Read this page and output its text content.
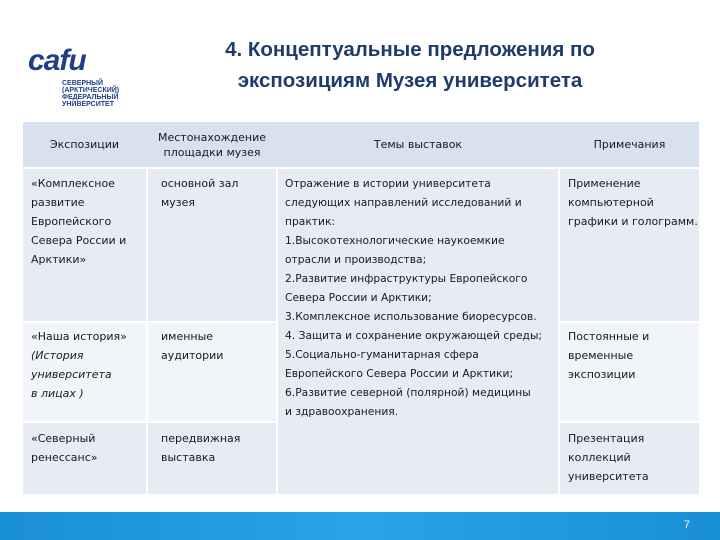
cafu
СЕВЕРНЫЙ
(АРКТИЧЕСКИЙ)
ФЕДЕРАЛЬНЫЙ
УНИВЕРСИТЕТ
4. Концептуальные предложения по
экспозициям Музея университета
Экспозиции
Местонахождение
площадки музея
Темы выставок	Примечания
«Комплексное
развитие
Европейского
Севера России и
Арктики»
основной зал
музея
Применение
компьютерной
графики и голограмм.
Отражение в истории университета
следующих направлений исследований и
практик:
1.Высокотехнологические наукоемкие
отрасли и производства;
2.Развитие инфраструктуры Европейского
Севера России и Арктики;
3.Комплексное использование биоресурсов.
4. Защита и сохранение окружающей среды;
5.Социально-гуманитарная сфера
Европейского Севера России и Арктики;
6.Развитие северной (полярной) медицины
и здравоохранения.
«Наша история»
(История
университета
в лицах )
именные
аудитории
Постоянные и
временные
экспозиции
«Северный
ренессанс»
передвижная
выставка
Презентация
коллекций
университета
7
